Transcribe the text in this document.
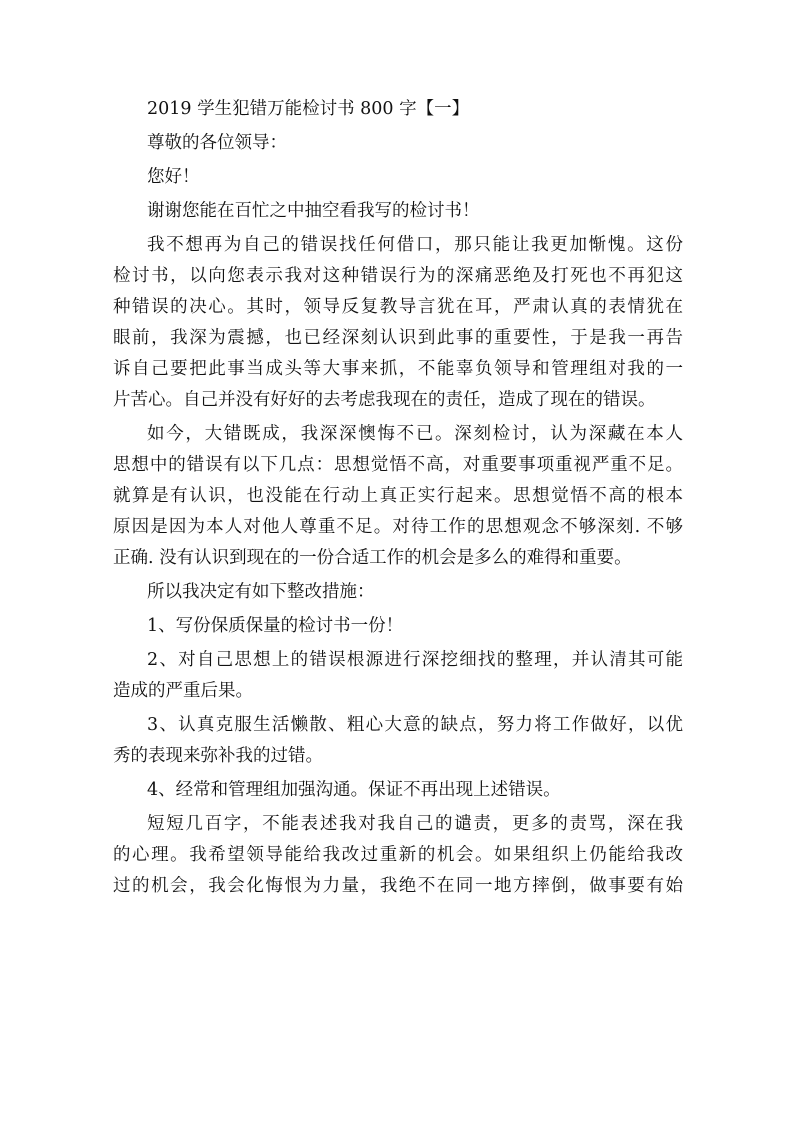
2019 学生犯错万能检讨书 800 字【一】
尊敬的各位领导：
您好！
谢谢您能在百忙之中抽空看我写的检讨书！
我不想再为自己的错误找任何借口，那只能让我更加惭愧。这份
检讨书，以向您表示我对这种错误行为的深痛恶绝及打死也不再犯这
种错误的决心。其时，领导反复教导言犹在耳，严肃认真的表情犹在
眼前，我深为震撼，也已经深刻认识到此事的重要性，于是我一再告
诉自己要把此事当成头等大事来抓，不能辜负领导和管理组对我的一
片苦心。自己并没有好好的去考虑我现在的责任，造成了现在的错误。
如今，大错既成，我深深懊悔不已。深刻检讨，认为深藏在本人
思想中的错误有以下几点：思想觉悟不高，对重要事项重视严重不足。
就算是有认识，也没能在行动上真正实行起来。思想觉悟不高的根本
原因是因为本人对他人尊重不足。对待工作的思想观念不够深刻. 不够
正确. 没有认识到现在的一份合适工作的机会是多么的难得和重要。
所以我决定有如下整改措施：
1、写份保质保量的检讨书一份！
2、对自己思想上的错误根源进行深挖细找的整理，并认清其可能
造成的严重后果。
3、认真克服生活懒散、粗心大意的缺点，努力将工作做好，以优
秀的表现来弥补我的过错。
4、经常和管理组加强沟通。保证不再出现上述错误。
短短几百字，不能表述我对我自己的谴责，更多的责骂，深在我
的心理。我希望领导能给我改过重新的机会。如果组织上仍能给我改
过的机会，我会化悔恨为力量，我绝不在同一地方摔倒，做事要有始
